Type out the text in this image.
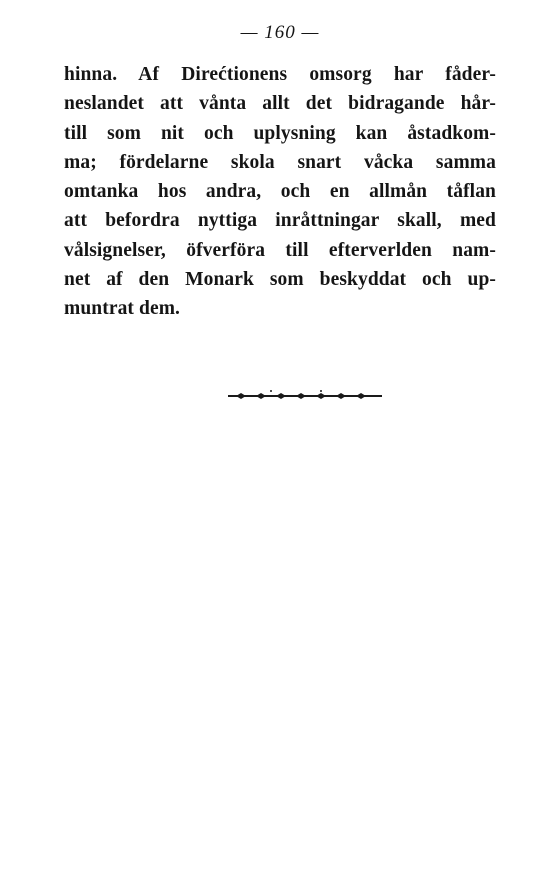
— 160 —
hinna. Af Direćtionens omsorg har fåder-
neslandet att vånta allt det bidragande hår-
till som nit och uplysning kan åstadkom-
ma; fördelarne skola snart våcka samma
omtanka hos andra, och en allmån tåflan
att befordra nyttiga inråttningar skall, med
vålsignelser, öfverföra till efterverlden nam-
net af den Monark som beskyddat och up-
muntrat dem.
